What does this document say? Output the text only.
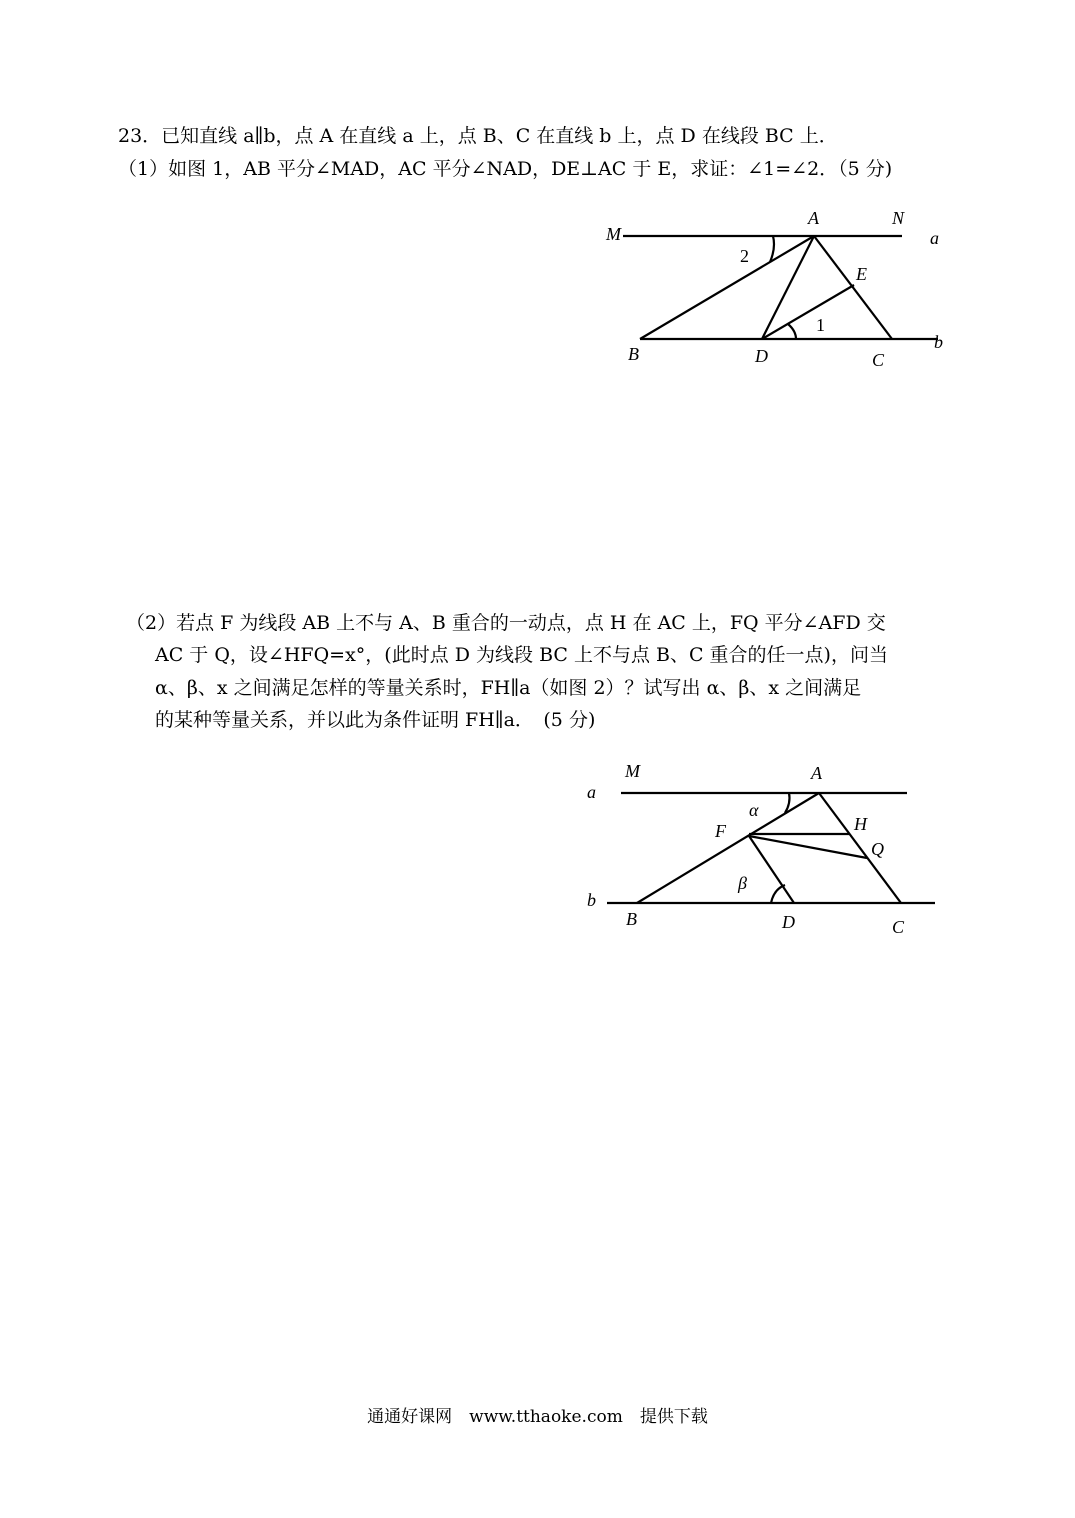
23．已知直线 a∥b，点 A 在直线 a 上，点 B、C 在直线 b 上，点 D 在线段 BC 上．
（1）如图 1，AB 平分∠MAD，AC 平分∠NAD，DE⊥AC 于 E，求证：∠1=∠2．（5 分)
M
A	N
a
E
2
1
B	D	C
b
（2）若点 F 为线段 AB 上不与 A、B 重合的一动点，点 H 在 AC 上，FQ 平分∠AFD 交
AC 于 Q，设∠HFQ=x°，(此时点 D 为线段 BC 上不与点 B、C 重合的任一点)，问当
α、β、x 之间满足怎样的等量关系时，FH∥a（如图 2）？试写出 α、β、x 之间满足
的某种等量关系，并以此为条件证明 FH∥a．　(5 分)
a
M	A
α
F	H
Q
β
b
B	D	C
通通好课网　www.tthaoke.com　提供下载
